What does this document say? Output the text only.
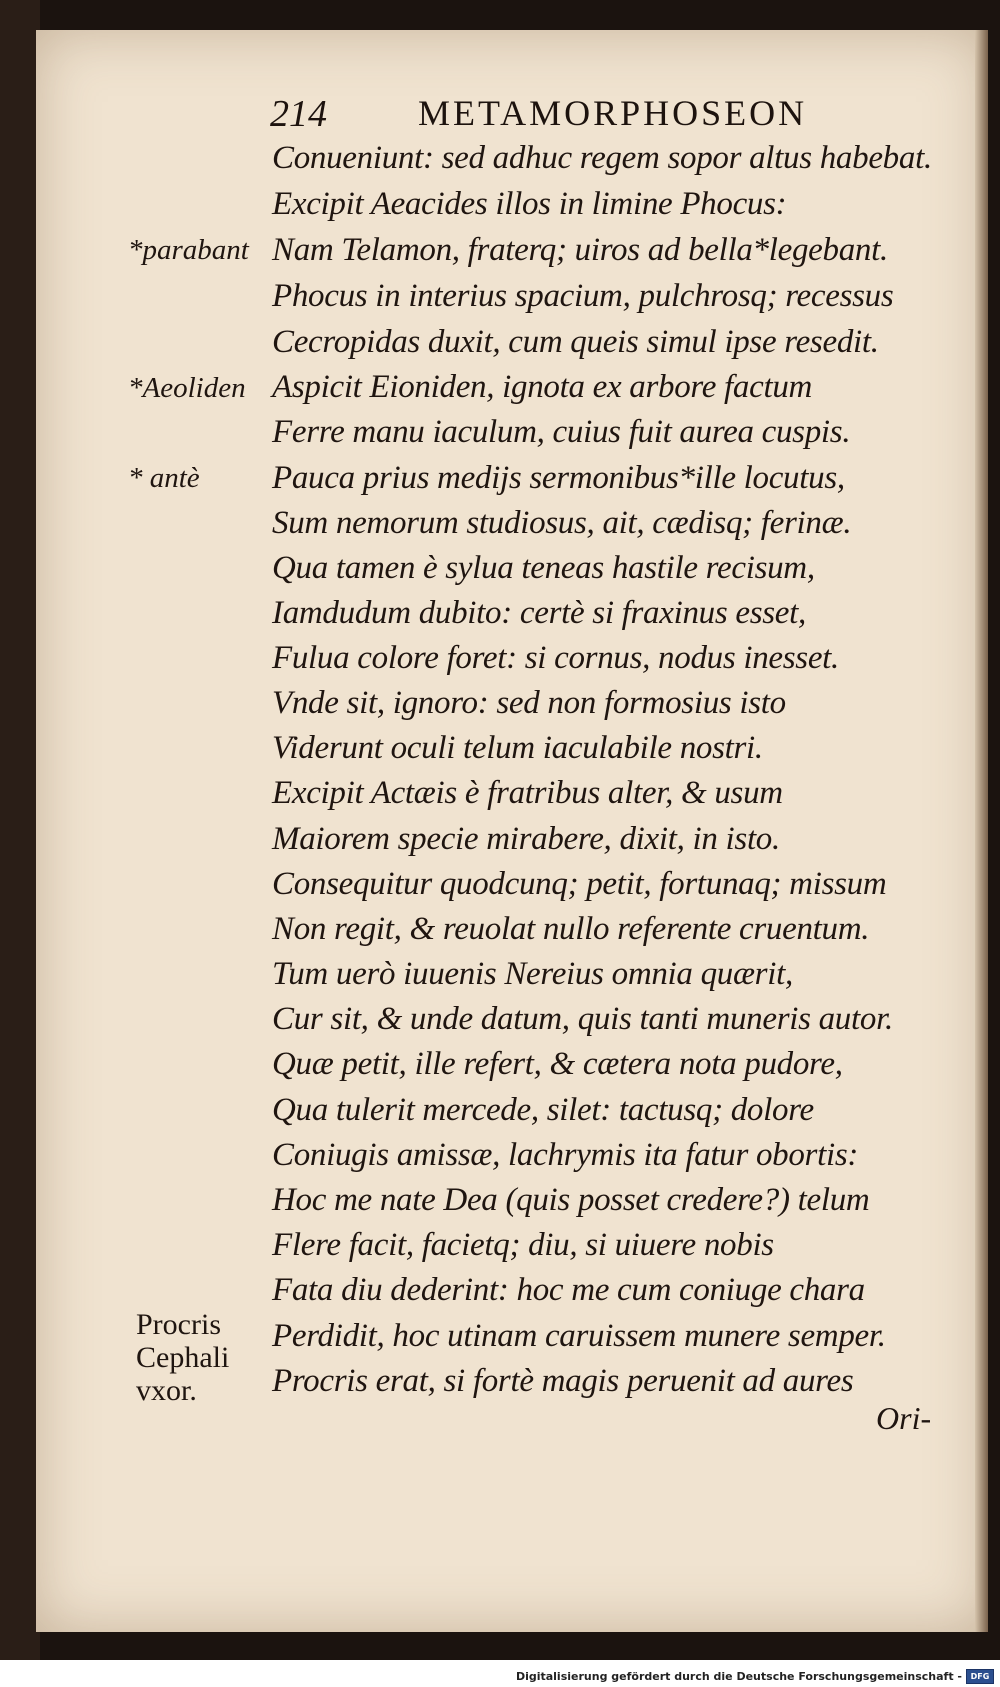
214	METAMORPHOSEON
Conueniunt: sed adhuc regem sopor altus habebat.
Excipit Aeacides illos in limine Phocus:
Nam Telamon, fraterq; uiros ad bella*legebant.
Phocus in interius spacium, pulchrosq; recessus
Cecropidas duxit, cum queis simul ipse resedit.
Aspicit Eioniden, ignota ex arbore factum
Ferre manu iaculum, cuius fuit aurea cuspis.
Pauca prius medijs sermonibus*ille locutus,
Sum nemorum studiosus, ait, cædisq; ferinæ.
Qua tamen è sylua teneas hastile recisum,
Iamdudum dubito: certè si fraxinus esset,
Fulua colore foret: si cornus, nodus inesset.
Vnde sit, ignoro: sed non formosius isto
Viderunt oculi telum iaculabile nostri.
Excipit Actæis è fratribus alter, & usum
Maiorem specie mirabere, dixit, in isto.
Consequitur quodcunq; petit, fortunaq; missum
Non regit, & reuolat nullo referente cruentum.
Tum uerò iuuenis Nereius omnia quærit,
Cur sit, & unde datum, quis tanti muneris autor.
Quæ petit, ille refert, & cætera nota pudore,
Qua tulerit mercede, silet: tactusq; dolore
Coniugis amissæ, lachrymis ita fatur obortis:
Hoc me nate Dea (quis posset credere?) telum
Flere facit, facietq; diu, si uiuere nobis
Fata diu dederint: hoc me cum coniuge chara
Perdidit, hoc utinam caruissem munere semper.
Procris erat, si fortè magis peruenit ad aures
*parabant
*Aeoliden
* antè
Procris
Cephali
vxor.
Ori-
Digitalisierung gefördert durch die Deutsche Forschungsgemeinschaft - DFG
